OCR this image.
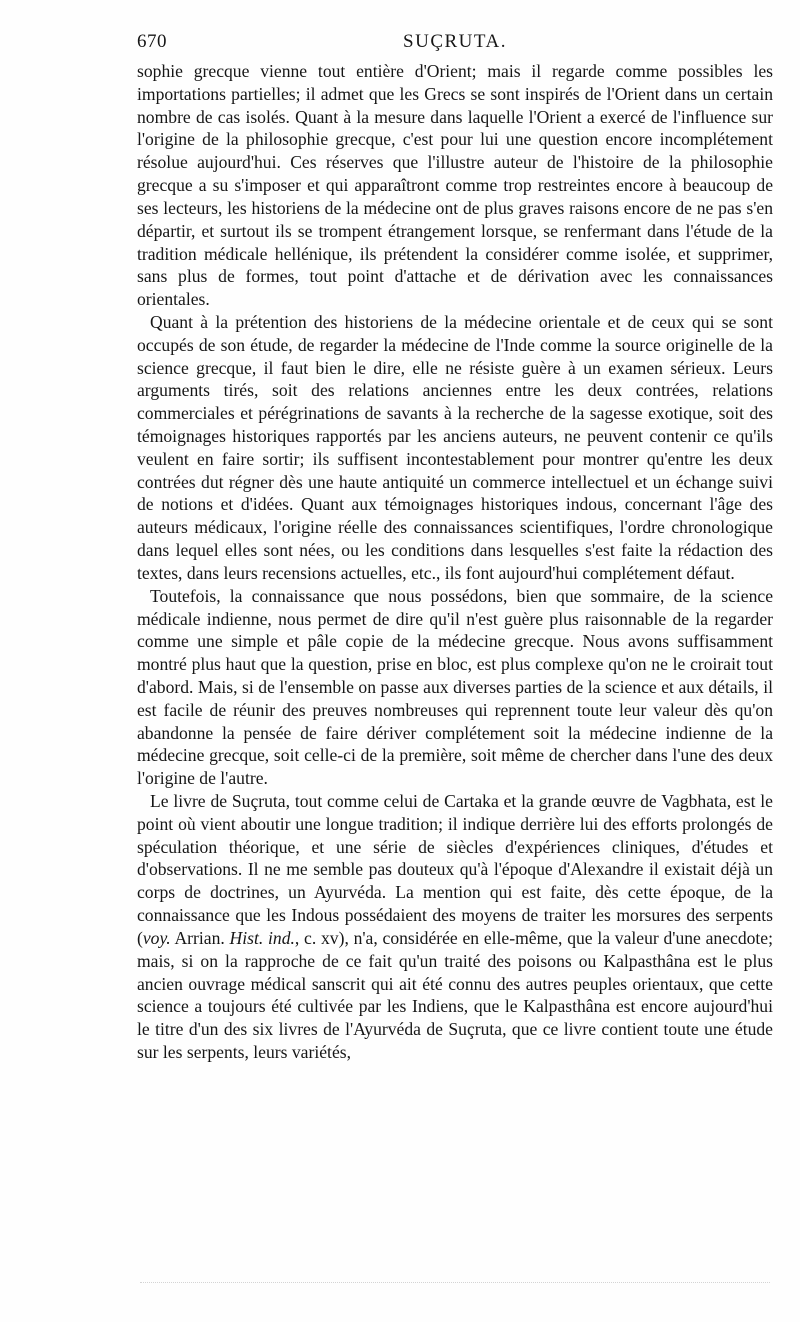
670	SUÇRUTA.

sophie grecque vienne tout entière d'Orient; mais il regarde comme possibles les importations partielles; il admet que les Grecs se sont inspirés de l'Orient dans un certain nombre de cas isolés. Quant à la mesure dans laquelle l'Orient a exercé de l'influence sur l'origine de la philosophie grecque, c'est pour lui une question encore incomplétement résolue aujourd'hui. Ces réserves que l'illustre auteur de l'histoire de la philosophie grecque a su s'imposer et qui apparaîtront comme trop restreintes encore à beaucoup de ses lecteurs, les historiens de la médecine ont de plus graves raisons encore de ne pas s'en départir, et surtout ils se trompent étrangement lorsque, se renfermant dans l'étude de la tradition médicale hellénique, ils prétendent la considérer comme isolée, et supprimer, sans plus de formes, tout point d'attache et de dérivation avec les connaissances orientales.

Quant à la prétention des historiens de la médecine orientale et de ceux qui se sont occupés de son étude, de regarder la médecine de l'Inde comme la source originelle de la science grecque, il faut bien le dire, elle ne résiste guère à un examen sérieux. Leurs arguments tirés, soit des relations anciennes entre les deux contrées, relations commerciales et pérégrinations de savants à la recherche de la sagesse exotique, soit des témoignages historiques rapportés par les anciens auteurs, ne peuvent contenir ce qu'ils veulent en faire sortir; ils suffisent incontestablement pour montrer qu'entre les deux contrées dut régner dès une haute antiquité un commerce intellectuel et un échange suivi de notions et d'idées. Quant aux témoignages historiques indous, concernant l'âge des auteurs médicaux, l'origine réelle des connaissances scientifiques, l'ordre chronologique dans lequel elles sont nées, ou les conditions dans lesquelles s'est faite la rédaction des textes, dans leurs recensions actuelles, etc., ils font aujourd'hui complétement défaut.

Toutefois, la connaissance que nous possédons, bien que sommaire, de la science médicale indienne, nous permet de dire qu'il n'est guère plus raisonnable de la regarder comme une simple et pâle copie de la médecine grecque. Nous avons suffisamment montré plus haut que la question, prise en bloc, est plus complexe qu'on ne le croirait tout d'abord. Mais, si de l'ensemble on passe aux diverses parties de la science et aux détails, il est facile de réunir des preuves nombreuses qui reprennent toute leur valeur dès qu'on abandonne la pensée de faire dériver complétement soit la médecine indienne de la médecine grecque, soit celle-ci de la première, soit même de chercher dans l'une des deux l'origine de l'autre.

Le livre de Suçruta, tout comme celui de Cartaka et la grande œuvre de Vagbhata, est le point où vient aboutir une longue tradition; il indique derrière lui des efforts prolongés de spéculation théorique, et une série de siècles d'expériences cliniques, d'études et d'observations. Il ne me semble pas douteux qu'à l'époque d'Alexandre il existait déjà un corps de doctrines, un Ayurvéda. La mention qui est faite, dès cette époque, de la connaissance que les Indous possédaient des moyens de traiter les morsures des serpents (voy. Arrian. Hist. ind., c. xv), n'a, considérée en elle-même, que la valeur d'une anecdote; mais, si on la rapproche de ce fait qu'un traité des poisons ou Kalpasthâna est le plus ancien ouvrage médical sanscrit qui ait été connu des autres peuples orientaux, que cette science a toujours été cultivée par les Indiens, que le Kalpasthâna est encore aujourd'hui le titre d'un des six livres de l'Ayurvéda de Suçruta, que ce livre contient toute une étude sur les serpents, leurs variétés,
